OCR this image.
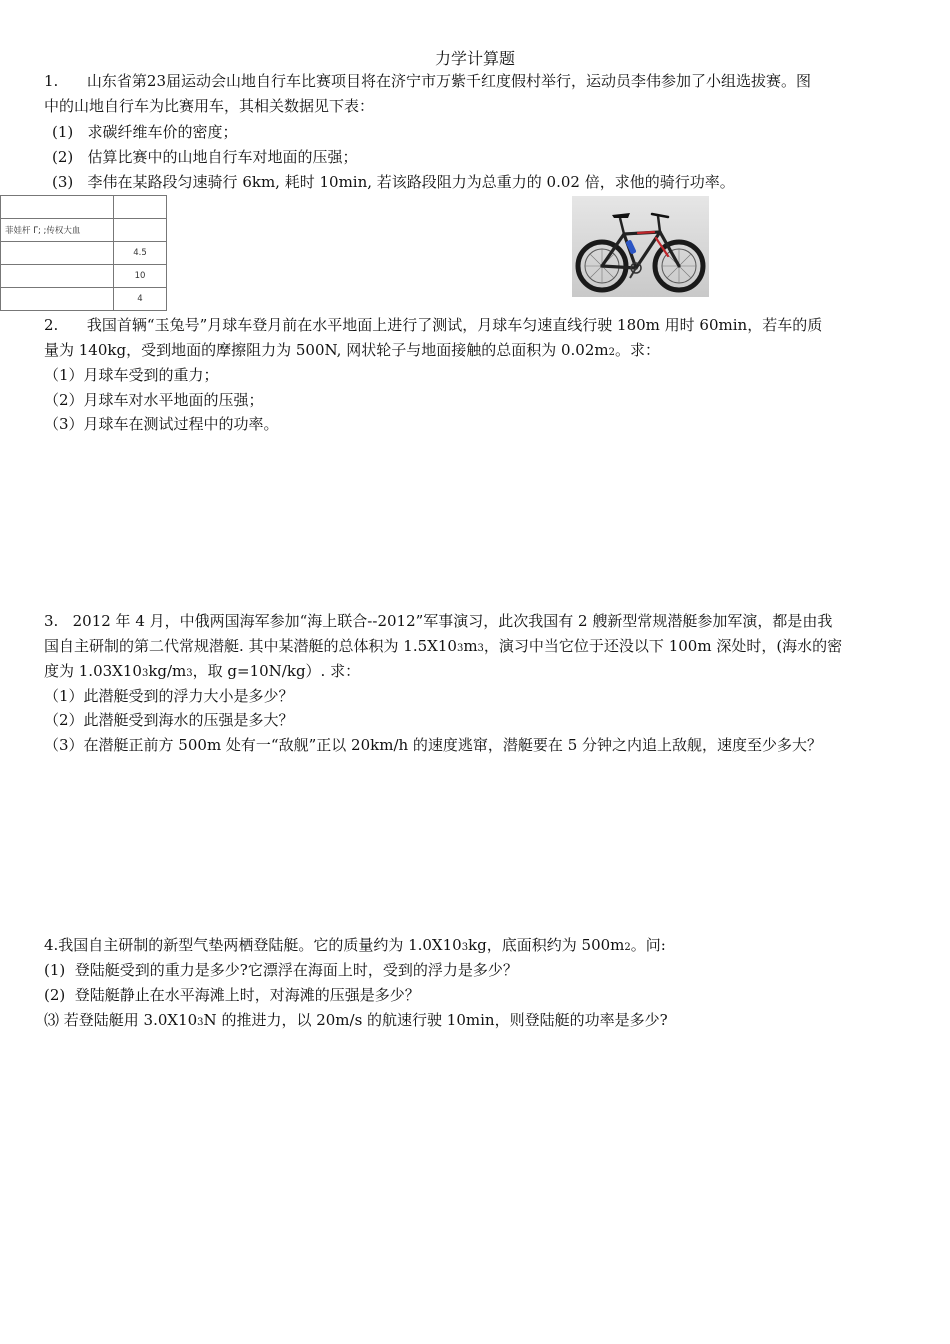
力学计算题
1.      山东省第23届运动会山地自行车比赛项目将在济宁市万紫千红度假村举行，运动员李伟参加了小组选拔赛。图
中的山地自行车为比赛用车，其相关数据见下表：
(1)   求碳纤维车价的密度；
(2)   估算比赛中的山地自行车对地面的压强；
(3)   李伟在某路段匀速骑行 6km, 耗时 10min, 若该路段阻力为总重力的 0.02 倍，求他的骑行功率。

菲娃杆 Γ; ;传权大血	
	4.5
	10
	4
2.      我国首辆“玉兔号”月球车登月前在水平地面上进行了测试，月球车匀速直线行驶 180m 用时 60min，若车的质
量为 140kg，受到地面的摩擦阻力为 500N, 网状轮子与地面接触的总面积为 0.02m2。求：
（1）月球车受到的重力；
（2）月球车对水平地面的压强；
（3）月球车在测试过程中的功率。
3.   2012 年 4 月，中俄两国海军参加“海上联合--2012”军事演习，此次我国有 2 艘新型常规潜艇参加军演，都是由我
国自主研制的第二代常规潜艇. 其中某潜艇的总体积为 1.5X103m3，演习中当它位于还没以下 100m 深处时，(海水的密
度为 1.03X103kg/m3，取 g=10N/kg）. 求：
（1）此潜艇受到的浮力大小是多少？
（2）此潜艇受到海水的压强是多大？
（3）在潜艇正前方 500m 处有一“敌舰”正以 20km/h 的速度逃窜，潜艇要在 5 分钟之内追上敌舰，速度至少多大？
4.我国自主研制的新型气垫两栖登陆艇。它的质量约为 1.0X103kg，底面积约为 500m2。问:
(1)  登陆艇受到的重力是多少?它漂浮在海面上时，受到的浮力是多少？
(2)  登陆艇静止在水平海滩上时，对海滩的压强是多少？
⑶ 若登陆艇用 3.0X103N 的推进力，以 20m/s 的航速行驶 10min，则登陆艇的功率是多少?
